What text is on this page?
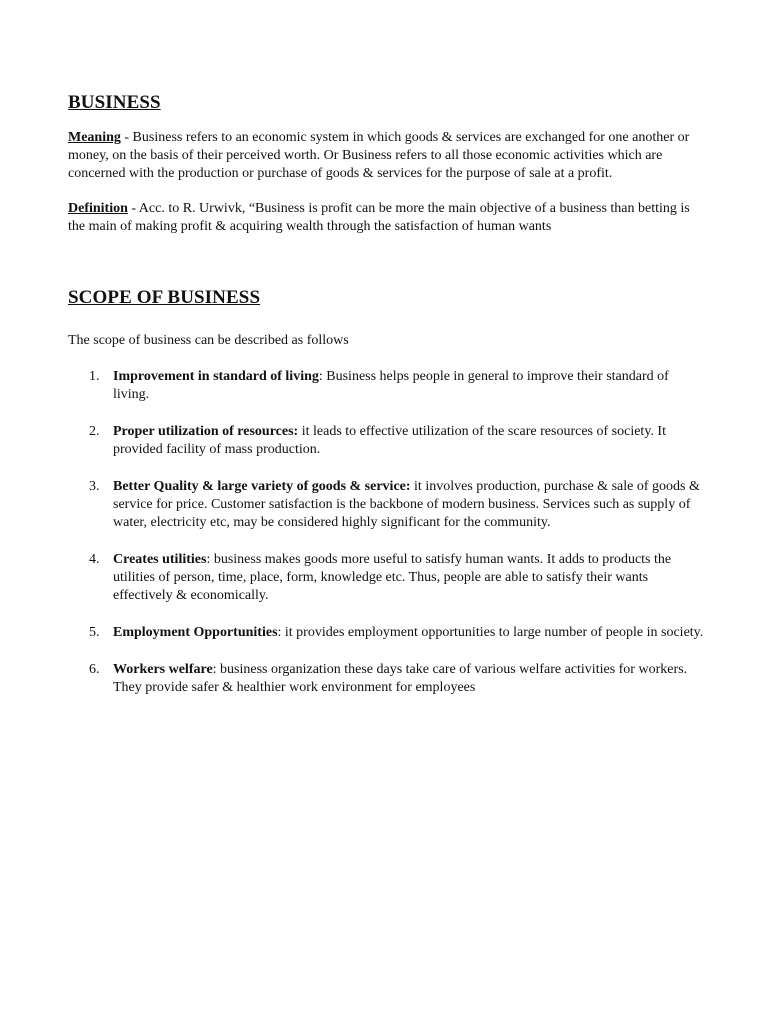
BUSINESS

Meaning - Business refers to an economic system in which goods & services are exchanged for one another or money, on the basis of their perceived worth. Or Business refers to all those economic activities which are concerned with the production or purchase of goods & services for the purpose of sale at a profit.

Definition - Acc. to R. Urwivk, “Business is profit can be more the main objective of a business than betting is the main of making profit & acquiring wealth through the satisfaction of human wants

SCOPE OF BUSINESS

The scope of business can be described as follows

1. Improvement in standard of living: Business helps people in general to improve their standard of living.
2. Proper utilization of resources: it leads to effective utilization of the scare resources of society. It provided facility of mass production.
3. Better Quality & large variety of goods & service: it involves production, purchase & sale of goods & service for price. Customer satisfaction is the backbone of modern business. Services such as supply of water, electricity etc, may be considered highly significant for the community.
4. Creates utilities: business makes goods more useful to satisfy human wants. It adds to products the utilities of person, time, place, form, knowledge etc. Thus, people are able to satisfy their wants effectively & economically.
5. Employment Opportunities: it provides employment opportunities to large number of people in society.
6. Workers welfare: business organization these days take care of various welfare activities for workers. They provide safer & healthier work environment for employees
